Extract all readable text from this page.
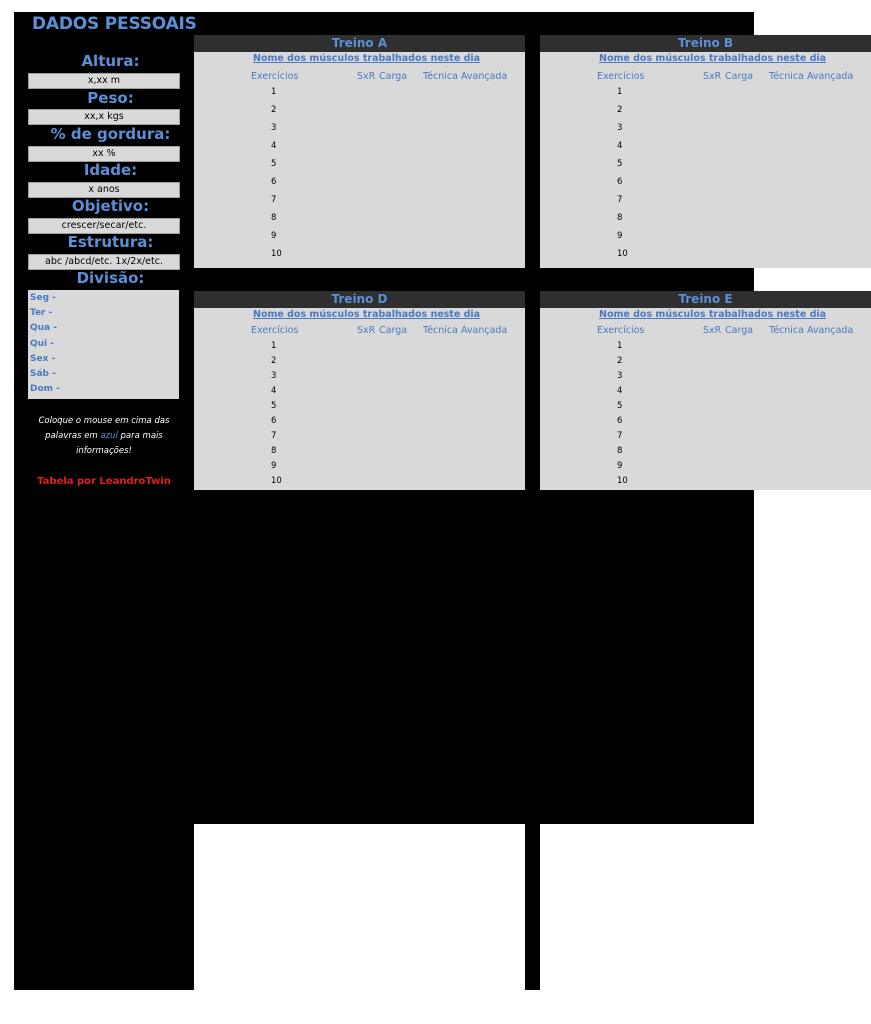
DADOS PESSOAIS
Altura:
x,xx m
Peso:
xx,x kgs
% de gordura:
xx %
Idade:
x anos
Objetivo:
crescer/secar/etc.
Estrutura:
abc /abcd/etc. 1x/2x/etc.
Divisão:
Seg -
Ter -
Qua -
Qui -
Sex -
Sáb -
Dom -
Coloque o mouse em cima das
palavras em azul para mais
informações!
Tabela por LeandroTwin
Treino A
Nome dos músculos trabalhados neste dia
Exercícios	SxR Carga Técnica Avançada
1
2
3
4
5
6
7
8
9
10
Treino B
Nome dos músculos trabalhados neste dia
Exercícios	SxR Carga Técnica Avançada
1
2
3
4
5
6
7
8
9
10
Treino D
Nome dos músculos trabalhados neste dia
Exercícios	SxR Carga Técnica Avançada
1
2
3
4
5
6
7
8
9
10
Treino E
Nome dos músculos trabalhados neste dia
Exercícios	SxR Carga Técnica Avançada
1
2
3
4
5
6
7
8
9
10
